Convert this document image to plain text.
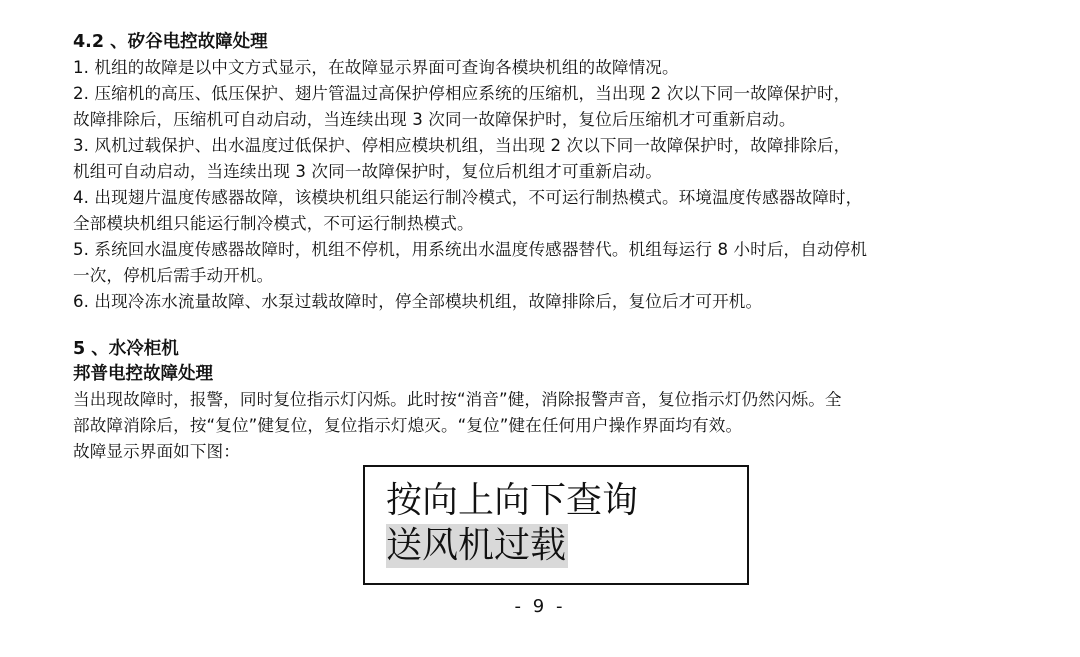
4.2 、矽谷电控故障处理
1. 机组的故障是以中文方式显示，在故障显示界面可查询各模块机组的故障情况。
2. 压缩机的高压、低压保护、翅片管温过高保护停相应系统的压缩机，当出现 2 次以下同一故障保护时，
故障排除后，压缩机可自动启动，当连续出现 3 次同一故障保护时，复位后压缩机才可重新启动。
3. 风机过载保护、出水温度过低保护、停相应模块机组，当出现 2 次以下同一故障保护时，故障排除后，
机组可自动启动，当连续出现 3 次同一故障保护时，复位后机组才可重新启动。
4. 出现翅片温度传感器故障，该模块机组只能运行制冷模式，不可运行制热模式。环境温度传感器故障时，
全部模块机组只能运行制冷模式，不可运行制热模式。
5. 系统回水温度传感器故障时，机组不停机，用系统出水温度传感器替代。机组每运行 8 小时后，自动停机
一次，停机后需手动开机。
6. 出现冷冻水流量故障、水泵过载故障时，停全部模块机组，故障排除后，复位后才可开机。
5 、水冷柜机
邦普电控故障处理
当出现故障时，报警，同时复位指示灯闪烁。此时按“消音”健，消除报警声音，复位指示灯仍然闪烁。全
部故障消除后，按“复位”健复位，复位指示灯熄灭。“复位”健在任何用户操作界面均有效。
故障显示界面如下图：
按向上向下查询
送风机过载
- 9 -
